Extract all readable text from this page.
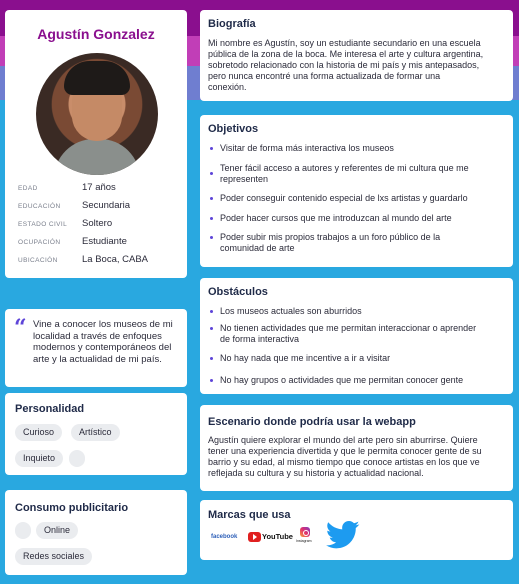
Agustín Gonzalez
EDAD	17 años
EDUCACIÓN Secundaria
ESTADO CIVIL Soltero
OCUPACIÓN Estudiante
UBICACIÓN	La Boca, CABA
“ Vine a conocer los museos de mi localidad a través de enfoques modernos y contemporáneos del arte y la actualidad de mi país.
Personalidad
Curioso	Artístico
Inquieto
Consumo publicitario
Online
Redes sociales
Biografía
Mi nombre es Agustín, soy un estudiante secundario en una escuela
pública de la zona de la boca. Me interesa el arte y cultura argentina,
sobretodo relacionado con la historia de mi país y mis antepasados,
pero nunca encontré una forma actualizada de formar una
conexión.
Objetivos
Visitar de forma más interactiva los museos
Tener fácil acceso a autores y referentes de mi cultura que me
representen
Poder conseguir contenido especial de lxs artistas y guardarlo
Poder hacer cursos que me introduzcan al mundo del arte
Poder subir mis propios trabajos a un foro público de la
comunidad de arte
Obstáculos
Los museos actuales son aburridos
No tienen actividades que me permitan interaccionar o aprender
de forma interactiva
No hay nada que me incentive a ir a visitar
No hay grupos o actividades que me permitan conocer gente
Escenario donde podría usar la webapp
Agustín quiere explorar el mundo del arte pero sin aburrirse. Quiere
tener una experiencia divertida y que le permita conocer gente de su
barrio y su edad, al mismo tiempo que conoce artistas en los que ve
reflejada su cultura y su historia y actualidad nacional.
Marcas que usa
facebook	YouTube Instagram
